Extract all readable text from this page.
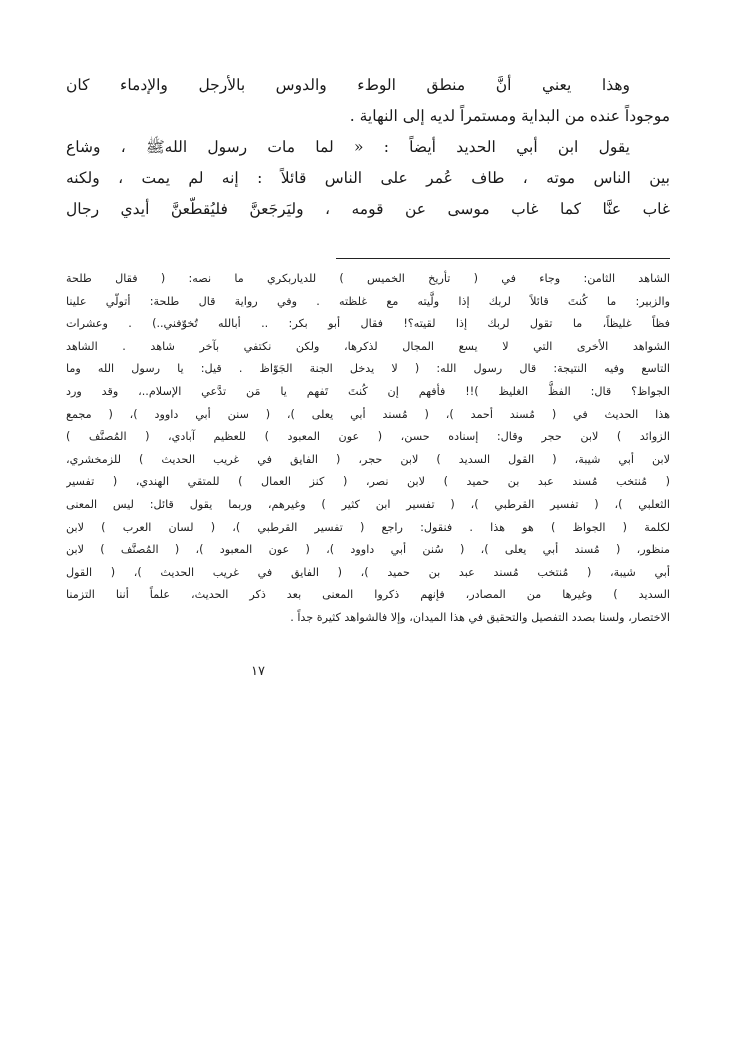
وهذا يعني أنَّ منطق الوطء والدوس بالأرجل والإدماء كان
موجوداً عنده من البداية ومستمراً لديه إلى النهاية .
يقول ابن أبي الحديد أيضاً : « لما مات رسول اللهﷺ ، وشاع
بين الناس موته ، طاف عُمر على الناس قائلاً : إنه لم يمت ، ولكنه
غاب عنَّا كما غاب موسى عن قومه ، وليَرجَعنَّ فليُقطّعنَّ أيدي رجال
الشاهد الثامن: وجاء في ( تأريخ الخميس ) للدياربكري ما نصه: ( فقال طلحة
والزبير: ما كُنتَ قائلاً لربك إذا ولَّيته مع غلظته . وفي رواية قال طلحة: أتولّي علينا
فظاً غليظاً، ما تقول لربك إذا لقيته؟! فقال أبو بكر: .. أبالله تُخوّفني..) . وعشرات
الشواهد الأخرى التي لا يسع المجال لذكرها، ولكن نكتفي بآخر شاهد . الشاهد
التاسع وفيه النتيجة: قال رسول الله: ( لا يدخل الجنة الجَوّاظ . قيل: يا رسول الله وما
الجواظ؟ قال: الفظُّ الغليظ )!! فأفهم إن كُنتَ تَفهم يا مَن تدَّعي الإسلام..، وقد ورد
هذا الحديث في ( مُسند أحمد )، ( مُسند أبي يعلى )، ( سنن أبي داوود )، ( مجمع
الزوائد ) لابن حجر وقال: إسناده حسن، ( عون المعبود ) للعظيم آبادي، ( المُصنَّف )
لابن أبي شيبة، ( القول السديد ) لابن حجر، ( الفايق في غريب الحديث ) للزمخشري،
( مُنتخب مُسند عبد بن حميد ) لابن نصر، ( كنز العمال ) للمتقي الهندي، ( تفسير
الثعلبي )، ( تفسير القرطبي )، ( تفسير ابن كثير ) وغيرهم، وربما يقول قائل: ليس المعنى
لكلمة ( الجواظ ) هو هذا . فنقول: راجع ( تفسير القرطبي )، ( لسان العرب ) لابن
منظور، ( مُسند أبي يعلى )، ( سُنن أبي داوود )، ( عون المعبود )، ( المُصنَّف ) لابن
أبي شيبة، ( مُنتخب مُسند عبد بن حميد )، ( الفايق في غريب الحديث )، ( القول
السديد ) وغيرها من المصادر، فإنهم ذكروا المعنى بعد ذكر الحديث، علماً أننا التزمنا
الاختصار، ولسنا بصدد التفصيل والتحقيق في هذا الميدان، وإلا فالشواهد كثيرة جداً .
١٧
